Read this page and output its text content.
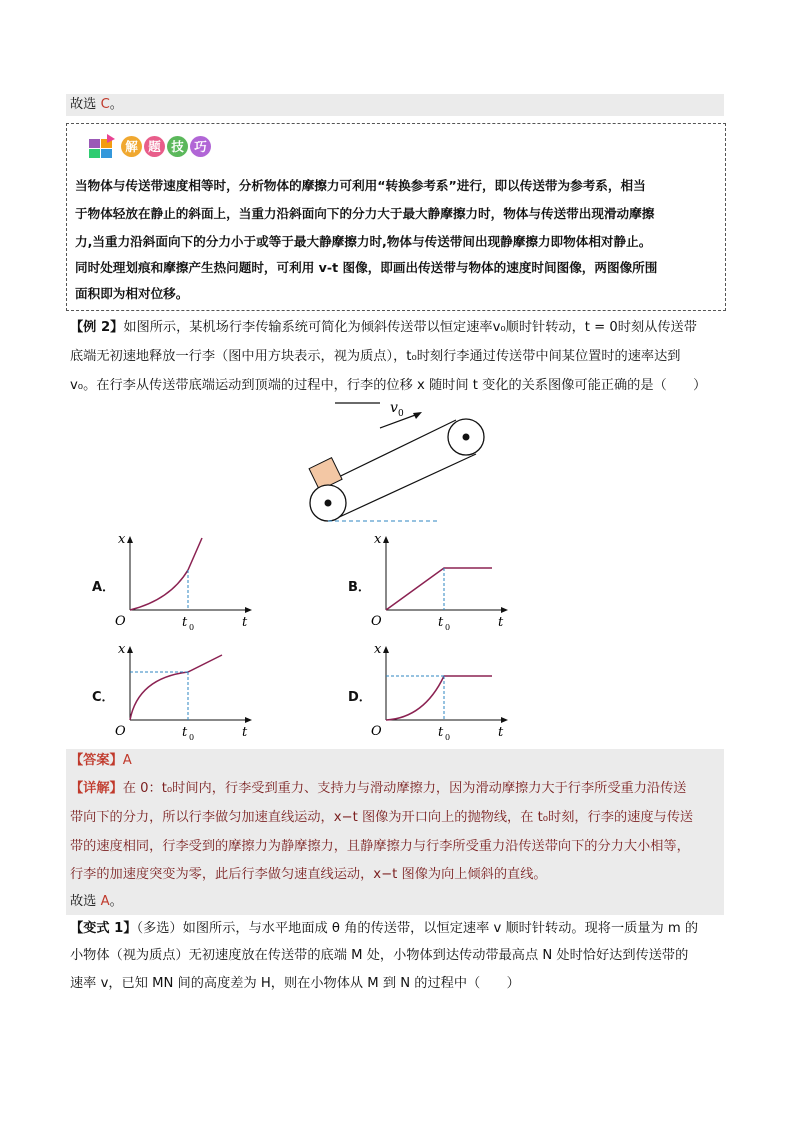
故选 C。
解 题 技 巧
当物体与传送带速度相等时，分析物体的摩擦力可利用“转换参考系”进行，即以传送带为参考系，相当
于物体轻放在静止的斜面上，当重力沿斜面向下的分力大于最大静摩擦力时，物体与传送带出现滑动摩擦
力,当重力沿斜面向下的分力小于或等于最大静摩擦力时,物体与传送带间出现静摩擦力即物体相对静止。
同时处理划痕和摩擦产生热问题时，可利用 v-t 图像，即画出传送带与物体的速度时间图像，两图像所围
面积即为相对位移。
【例 2】如图所示，某机场行李传输系统可简化为倾斜传送带以恒定速率v₀顺时针转动，t = 0时刻从传送带
底端无初速地释放一行李（图中用方块表示，视为质点），t₀时刻行李通过传送带中间某位置时的速率达到
v₀。在行李从传送带底端运动到顶端的过程中，行李的位移 x 随时间 t 变化的关系图像可能正确的是（　　）
v 0
A．
x
O	t
t 0
B．
x
O	t
t 0
C．
x
O	t
t 0
D．
x
O	t
t 0
【答案】A
【详解】在 0：t₀时间内，行李受到重力、支持力与滑动摩擦力，因为滑动摩擦力大于行李所受重力沿传送
带向下的分力，所以行李做匀加速直线运动，x−t 图像为开口向上的抛物线，在 t₀时刻，行李的速度与传送
带的速度相同，行李受到的摩擦力为静摩擦力，且静摩擦力与行李所受重力沿传送带向下的分力大小相等，
行李的加速度突变为零，此后行李做匀速直线运动，x−t 图像为向上倾斜的直线。
故选 A。
【变式 1】（多选）如图所示，与水平地面成 θ 角的传送带，以恒定速率 v 顺时针转动。现将一质量为 m 的
小物体（视为质点）无初速度放在传送带的底端 M 处，小物体到达传动带最高点 N 处时恰好达到传送带的
速率 v，已知 MN 间的高度差为 H，则在小物体从 M 到 N 的过程中（　　）
